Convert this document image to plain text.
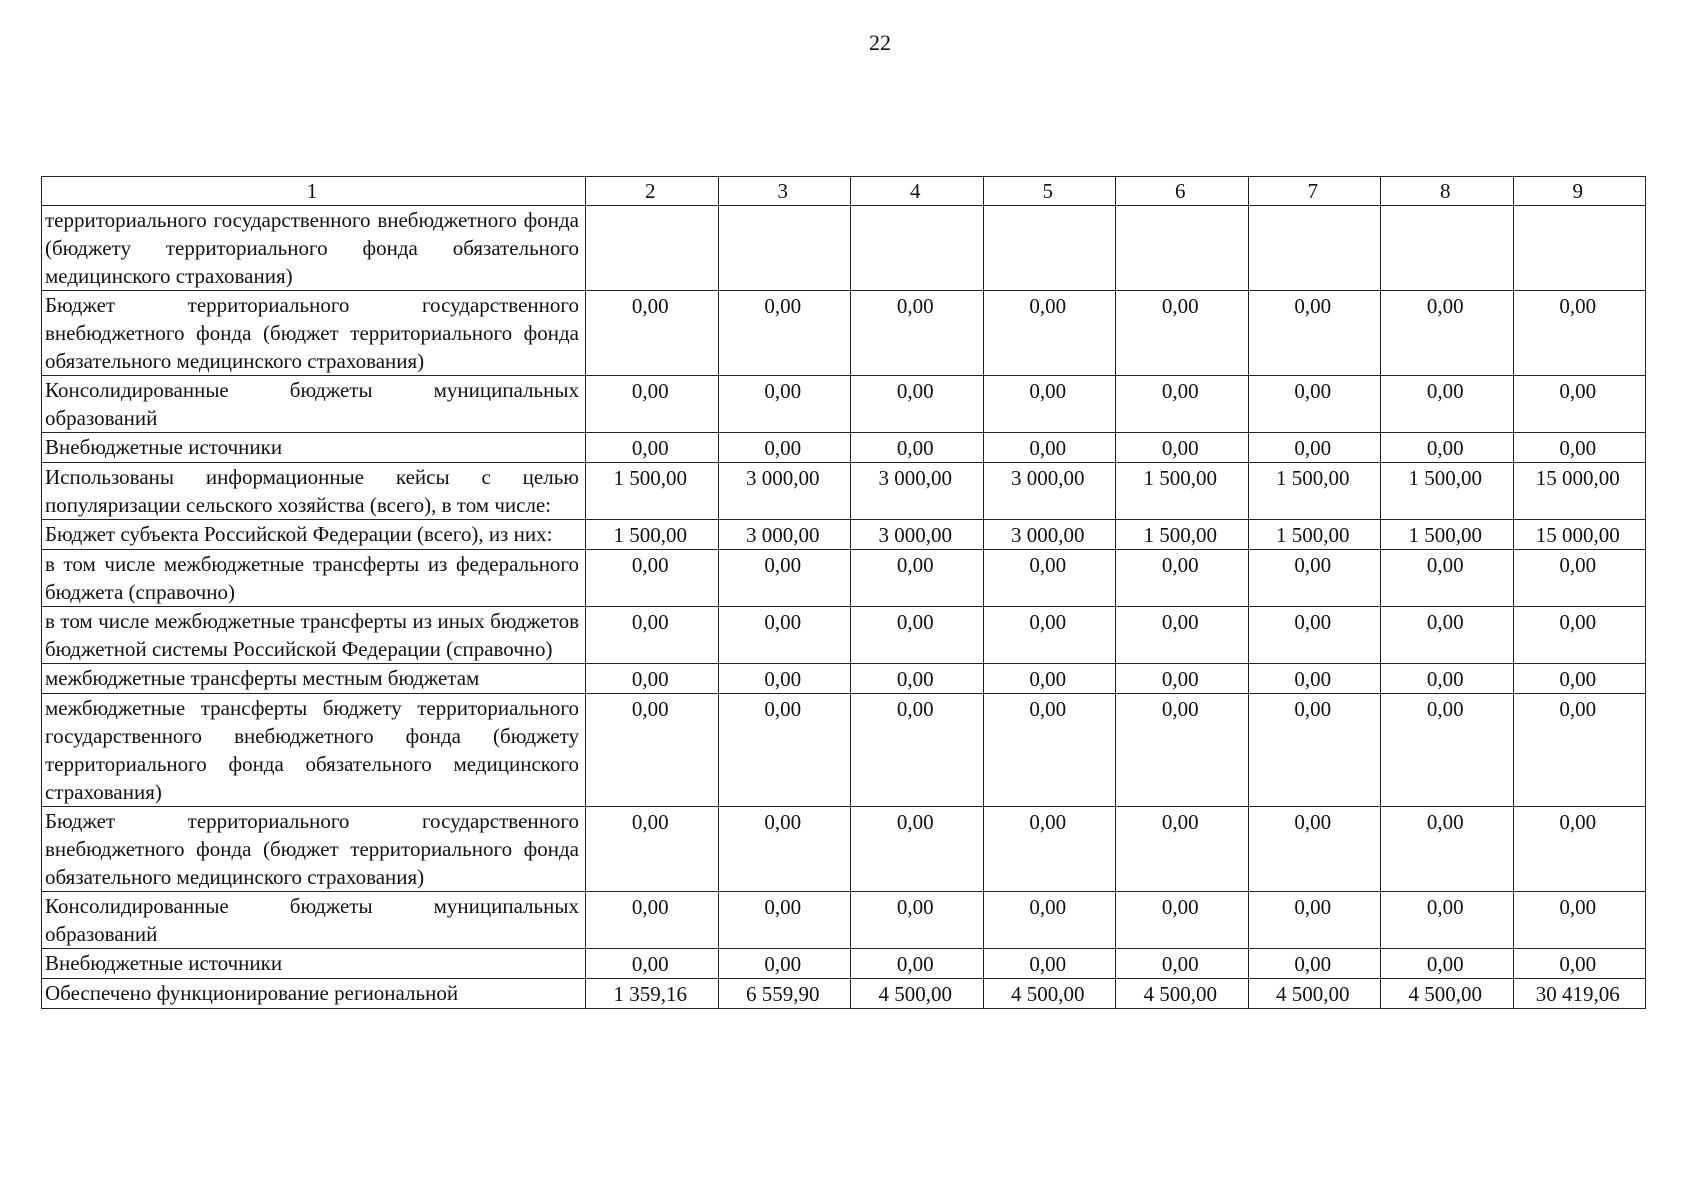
22
1	2	3	4	5	6	7	8	9
территориального государственного внебюджетного фонда (бюджету территориального фонда обязательного медицинского страхования)								
Бюджет территориального государственного внебюджетного фонда (бюджет территориального фонда обязательного медицинского страхования)	0,00	0,00	0,00	0,00	0,00	0,00	0,00	0,00
Консолидированные бюджеты муниципальных образований	0,00	0,00	0,00	0,00	0,00	0,00	0,00	0,00
Внебюджетные источники	0,00	0,00	0,00	0,00	0,00	0,00	0,00	0,00
Использованы информационные кейсы с целью популяризации сельского хозяйства (всего), в том числе:	1 500,00	3 000,00	3 000,00	3 000,00	1 500,00	1 500,00	1 500,00	15 000,00
Бюджет субъекта Российской Федерации (всего), из них:	1 500,00	3 000,00	3 000,00	3 000,00	1 500,00	1 500,00	1 500,00	15 000,00
в том числе межбюджетные трансферты из федерального бюджета (справочно)	0,00	0,00	0,00	0,00	0,00	0,00	0,00	0,00
в том числе межбюджетные трансферты из иных бюджетов бюджетной системы Российской Федерации (справочно)	0,00	0,00	0,00	0,00	0,00	0,00	0,00	0,00
межбюджетные трансферты местным бюджетам	0,00	0,00	0,00	0,00	0,00	0,00	0,00	0,00
межбюджетные трансферты бюджету территориального государственного внебюджетного фонда (бюджету территориального фонда обязательного медицинского страхования)	0,00	0,00	0,00	0,00	0,00	0,00	0,00	0,00
Бюджет территориального государственного внебюджетного фонда (бюджет территориального фонда обязательного медицинского страхования)	0,00	0,00	0,00	0,00	0,00	0,00	0,00	0,00
Консолидированные бюджеты муниципальных образований	0,00	0,00	0,00	0,00	0,00	0,00	0,00	0,00
Внебюджетные источники	0,00	0,00	0,00	0,00	0,00	0,00	0,00	0,00
Обеспечено функционирование региональной	1 359,16	6 559,90	4 500,00	4 500,00	4 500,00	4 500,00	4 500,00	30 419,06
